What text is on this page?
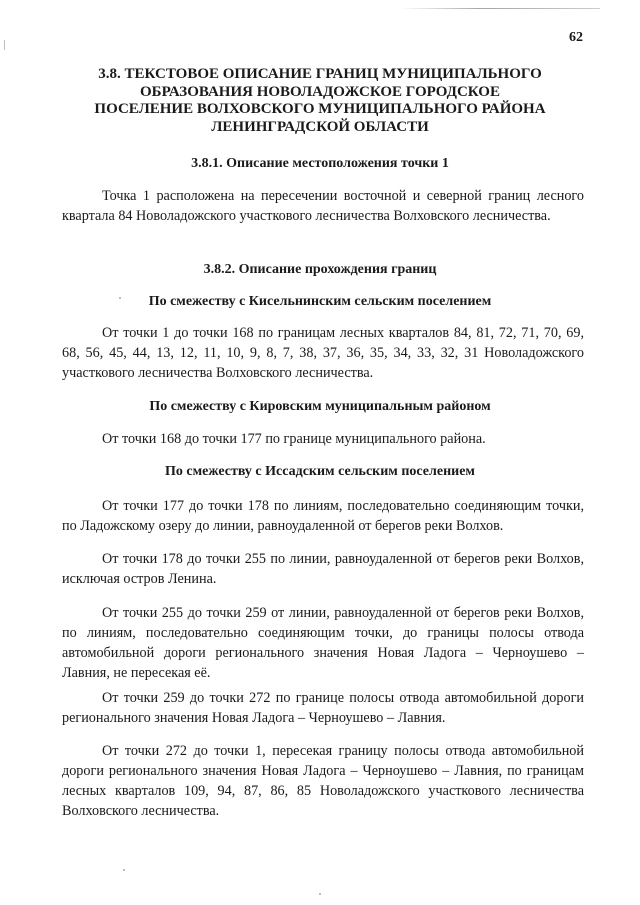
62
3.8. ТЕКСТОВОЕ ОПИСАНИЕ ГРАНИЦ МУНИЦИПАЛЬНОГО ОБРАЗОВАНИЯ НОВОЛАДОЖСКОЕ ГОРОДСКОЕ ПОСЕЛЕНИЕ ВОЛХОВСКОГО МУНИЦИПАЛЬНОГО РАЙОНА ЛЕНИНГРАДСКОЙ ОБЛАСТИ
3.8.1. Описание местоположения точки 1

Точка 1 расположена на пересечении восточной и северной границ лесного квартала 84 Новоладожского участкового лесничества Волховского лесничества.

3.8.2. Описание прохождения границ
По смежеству с Кисельнинским сельским поселением

От точки 1 до точки 168 по границам лесных кварталов 84, 81, 72, 71, 70, 69, 68, 56, 45, 44, 13, 12, 11, 10, 9, 8, 7, 38, 37, 36, 35, 34, 33, 32, 31 Новоладожского участкового лесничества Волховского лесничества.

По смежеству с Кировским муниципальным районом

От точки 168 до точки 177 по границе муниципального района.

По смежеству с Иссадским сельским поселением

От точки 177 до точки 178 по линиям, последовательно соединяющим точки, по Ладожскому озеру до линии, равноудаленной от берегов реки Волхов.

От точки 178 до точки 255 по линии, равноудаленной от берегов реки Волхов, исключая остров Ленина.

От точки 255 до точки 259 от линии, равноудаленной от берегов реки Волхов, по линиям, последовательно соединяющим точки, до границы полосы отвода автомобильной дороги регионального значения Новая Ладога – Черноушево – Лавния, не пересекая её.

От точки 259 до точки 272 по границе полосы отвода автомобильной дороги регионального значения Новая Ладога – Черноушево – Лавния.

От точки 272 до точки 1, пересекая границу полосы отвода автомобильной дороги регионального значения Новая Ладога – Черноушево – Лавния, по границам лесных кварталов 109, 94, 87, 86, 85 Новоладожского участкового лесничества Волховского лесничества.
